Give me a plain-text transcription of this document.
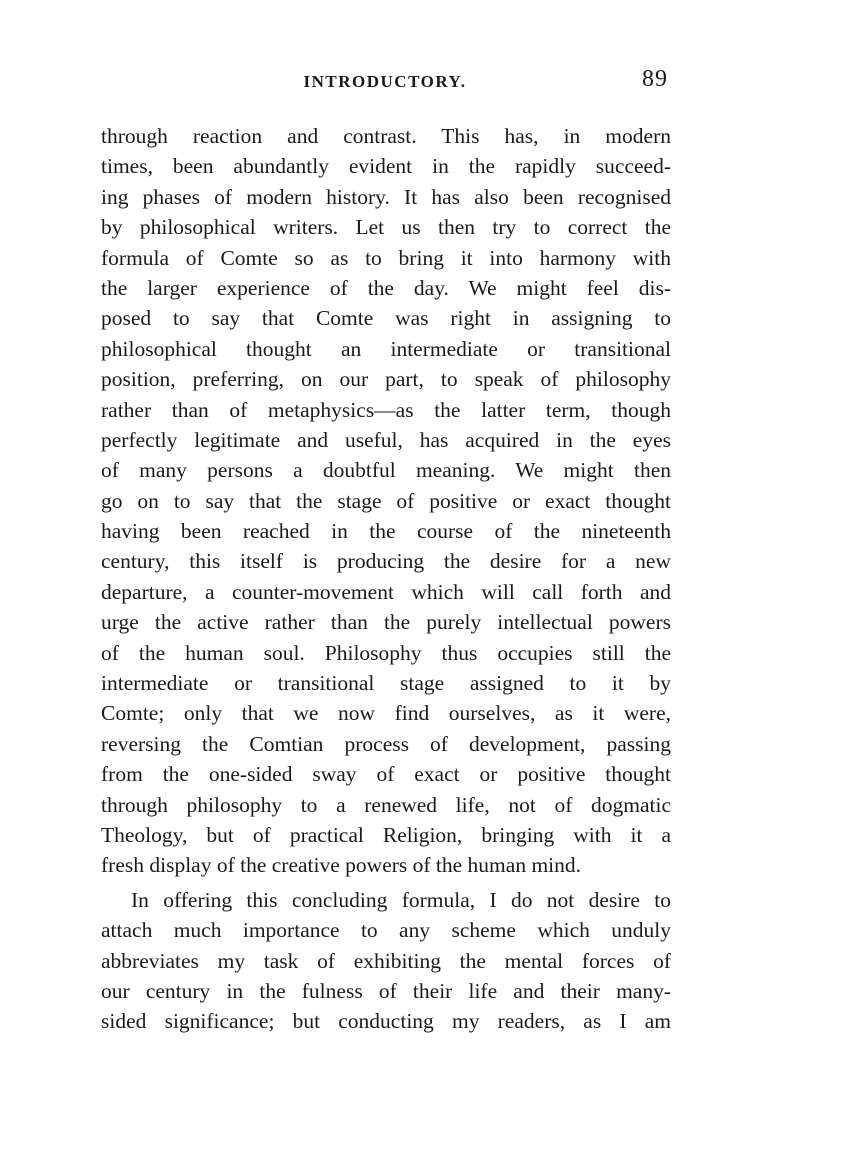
INTRODUCTORY.	89
through reaction and contrast. This has, in modern
times, been abundantly evident in the rapidly succeed-
ing phases of modern history. It has also been recognised
by philosophical writers. Let us then try to correct the
formula of Comte so as to bring it into harmony with
the larger experience of the day. We might feel dis-
posed to say that Comte was right in assigning to
philosophical thought an intermediate or transitional
position, preferring, on our part, to speak of philosophy
rather than of metaphysics—as the latter term, though
perfectly legitimate and useful, has acquired in the eyes
of many persons a doubtful meaning. We might then
go on to say that the stage of positive or exact thought
having been reached in the course of the nineteenth
century, this itself is producing the desire for a new
departure, a counter-movement which will call forth and
urge the active rather than the purely intellectual powers
of the human soul. Philosophy thus occupies still the
intermediate or transitional stage assigned to it by
Comte; only that we now find ourselves, as it were,
reversing the Comtian process of development, passing
from the one-sided sway of exact or positive thought
through philosophy to a renewed life, not of dogmatic
Theology, but of practical Religion, bringing with it a
fresh display of the creative powers of the human mind.
In offering this concluding formula, I do not desire to
attach much importance to any scheme which unduly
abbreviates my task of exhibiting the mental forces of
our century in the fulness of their life and their many-
sided significance; but conducting my readers, as I am
